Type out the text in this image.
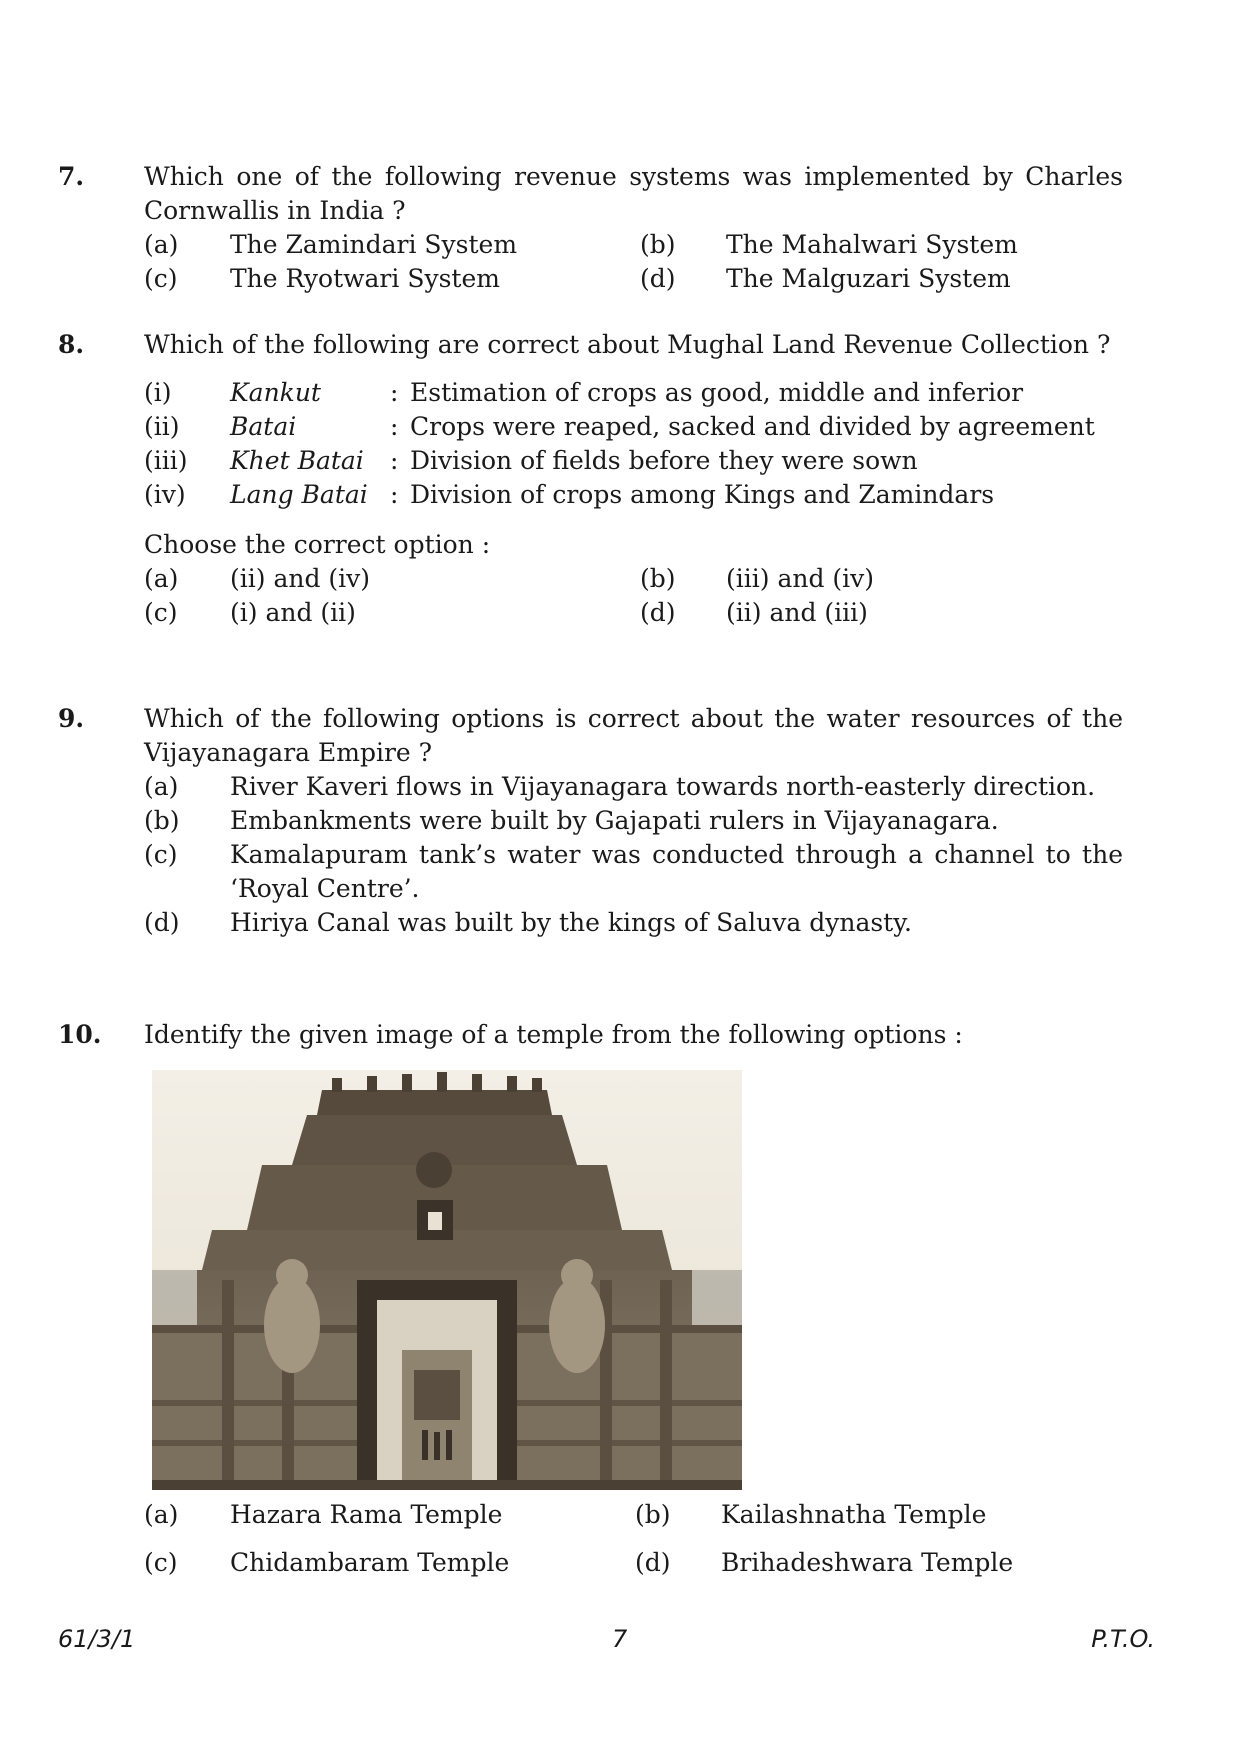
7. Which one of the following revenue systems was implemented by Charles Cornwallis in India ?
(a)	The Zamindari System	(b)	The Mahalwari System
(c)	The Ryotwari System	(d)	The Malguzari System
8. Which of the following are correct about Mughal Land Revenue Collection ?
(i)	Kankut	: Estimation of crops as good, middle and inferior
(ii)	Batai	: Crops were reaped, sacked and divided by agreement
(iii)	Khet Batai	: Division of fields before they were sown
(iv)	Lang Batai : Division of crops among Kings and Zamindars
Choose the correct option :
(a)	(ii) and (iv)	(b)	(iii) and (iv)
(c)	(i) and (ii)	(d)	(ii) and (iii)
9. Which of the following options is correct about the water resources of the Vijayanagara Empire ?
(a)	River Kaveri flows in Vijayanagara towards north-easterly direction.
(b)	Embankments were built by Gajapati rulers in Vijayanagara.
(c)	Kamalapuram tank’s water was conducted through a channel to the ‘Royal Centre’.
(d)	Hiriya Canal was built by the kings of Saluva dynasty.
10. Identify the given image of a temple from the following options :
(a)	Hazara Rama Temple	(b)	Kailashnatha Temple
(c)	Chidambaram Temple	(d)	Brihadeshwara Temple
61/3/1	7	P.T.O.
